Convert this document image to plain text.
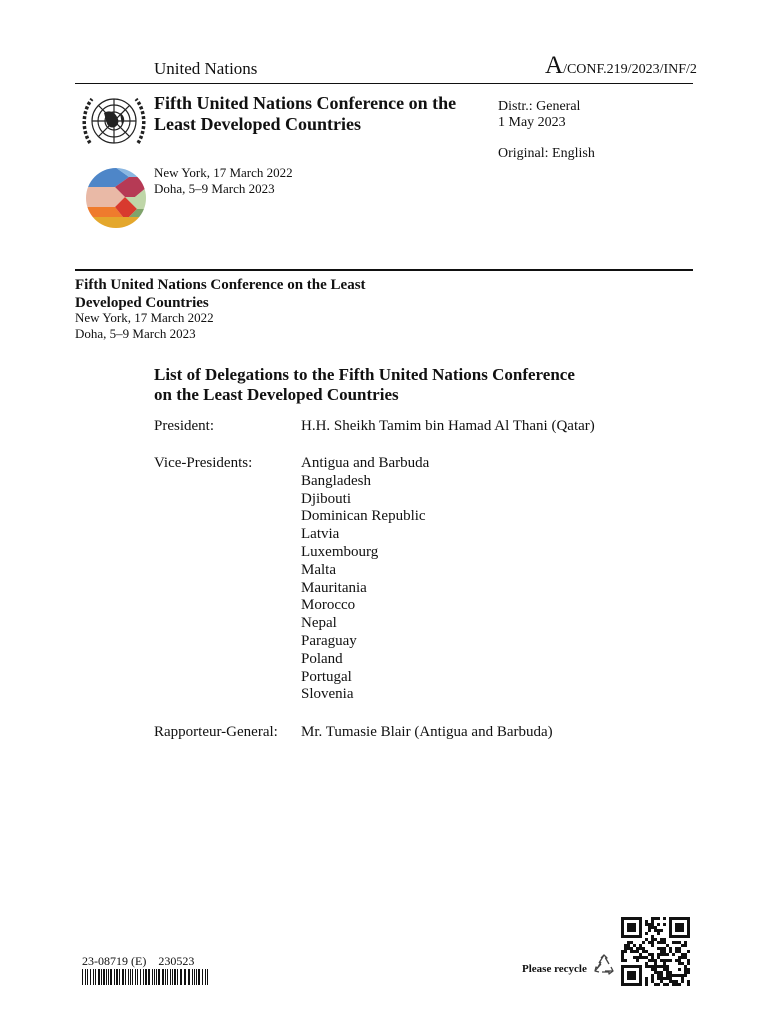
United Nations	A/CONF.219/2023/INF/2
Fifth United Nations Conference on the
Least Developed Countries
Distr.: General
1 May 2023
Original: English
New York, 17 March 2022
Doha, 5–9 March 2023
Fifth United Nations Conference on the Least
Developed Countries
New York, 17 March 2022
Doha, 5–9 March 2023
List of Delegations to the Fifth United Nations Conference
on the Least Developed Countries
President:	H.H. Sheikh Tamim bin Hamad Al Thani (Qatar)
Vice-Presidents:	Antigua and Barbuda
Bangladesh
Djibouti
Dominican Republic
Latvia
Luxembourg
Malta
Mauritania
Morocco
Nepal
Paraguay
Poland
Portugal
Slovenia
Rapporteur-General: Mr. Tumasie Blair (Antigua and Barbuda)
23-08719 (E)    230523
Please recycle
